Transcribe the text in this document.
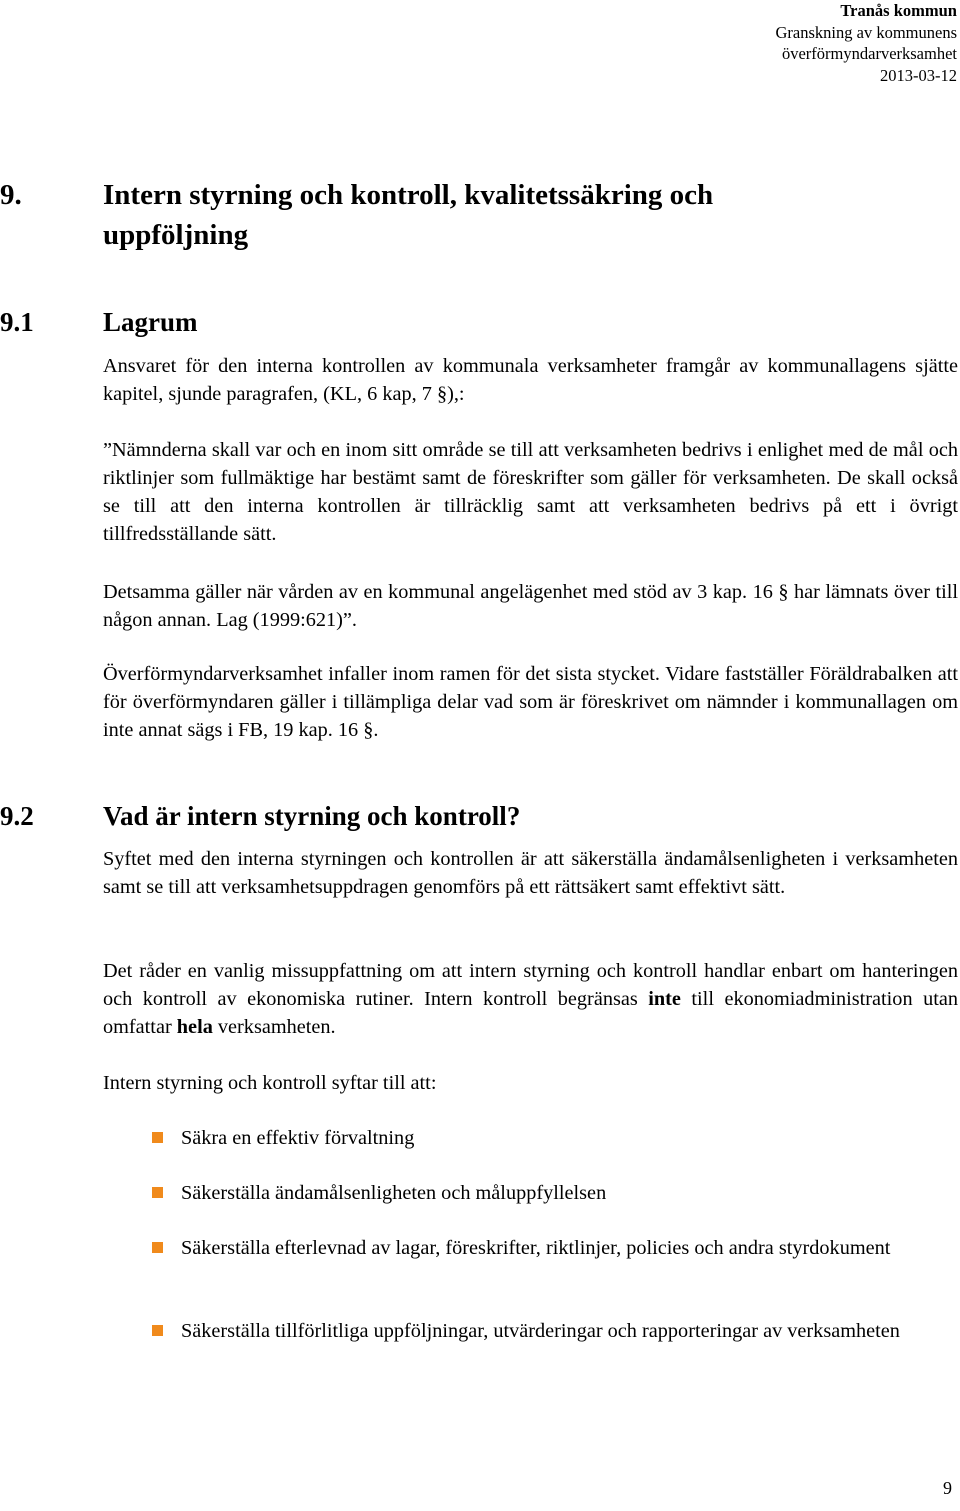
Tranås kommun
Granskning av kommunens
överförmyndarverksamhet
2013-03-12
9.	Intern styrning och kontroll, kvalitetssäkring och uppföljning
9.1	Lagrum
Ansvaret för den interna kontrollen av kommunala verksamheter framgår av kommunallagens sjätte kapitel, sjunde paragrafen, (KL, 6 kap, 7 §),:
”Nämnderna skall var och en inom sitt område se till att verksamheten bedrivs i enlighet med de mål och riktlinjer som fullmäktige har bestämt samt de föreskrifter som gäller för verksamheten. De skall också se till att den interna kontrollen är tillräcklig samt att verksamheten bedrivs på ett i övrigt tillfredsställande sätt.
Detsamma gäller när vården av en kommunal angelägenhet med stöd av 3 kap. 16 § har lämnats över till någon annan. Lag (1999:621)”.
Överförmyndarverksamhet infaller inom ramen för det sista stycket. Vidare fastställer Föräldrabalken att för överförmyndaren gäller i tillämpliga delar vad som är föreskrivet om nämnder i kommunallagen om inte annat sägs i FB, 19 kap. 16 §.
9.2	Vad är intern styrning och kontroll?
Syftet med den interna styrningen och kontrollen är att säkerställa ändamålsenligheten i verksamheten samt se till att verksamhetsuppdragen genomförs på ett rättsäkert samt effektivt sätt.
Det råder en vanlig missuppfattning om att intern styrning och kontroll handlar enbart om hanteringen och kontroll av ekonomiska rutiner. Intern kontroll begränsas inte till ekonomiadministration utan omfattar hela verksamheten.
Intern styrning och kontroll syftar till att:
Säkra en effektiv förvaltning
Säkerställa ändamålsenligheten och måluppfyllelsen
Säkerställa efterlevnad av lagar, föreskrifter, riktlinjer, policies och andra styrdokument
Säkerställa tillförlitliga uppföljningar, utvärderingar och rapporteringar av verksamheten
9
